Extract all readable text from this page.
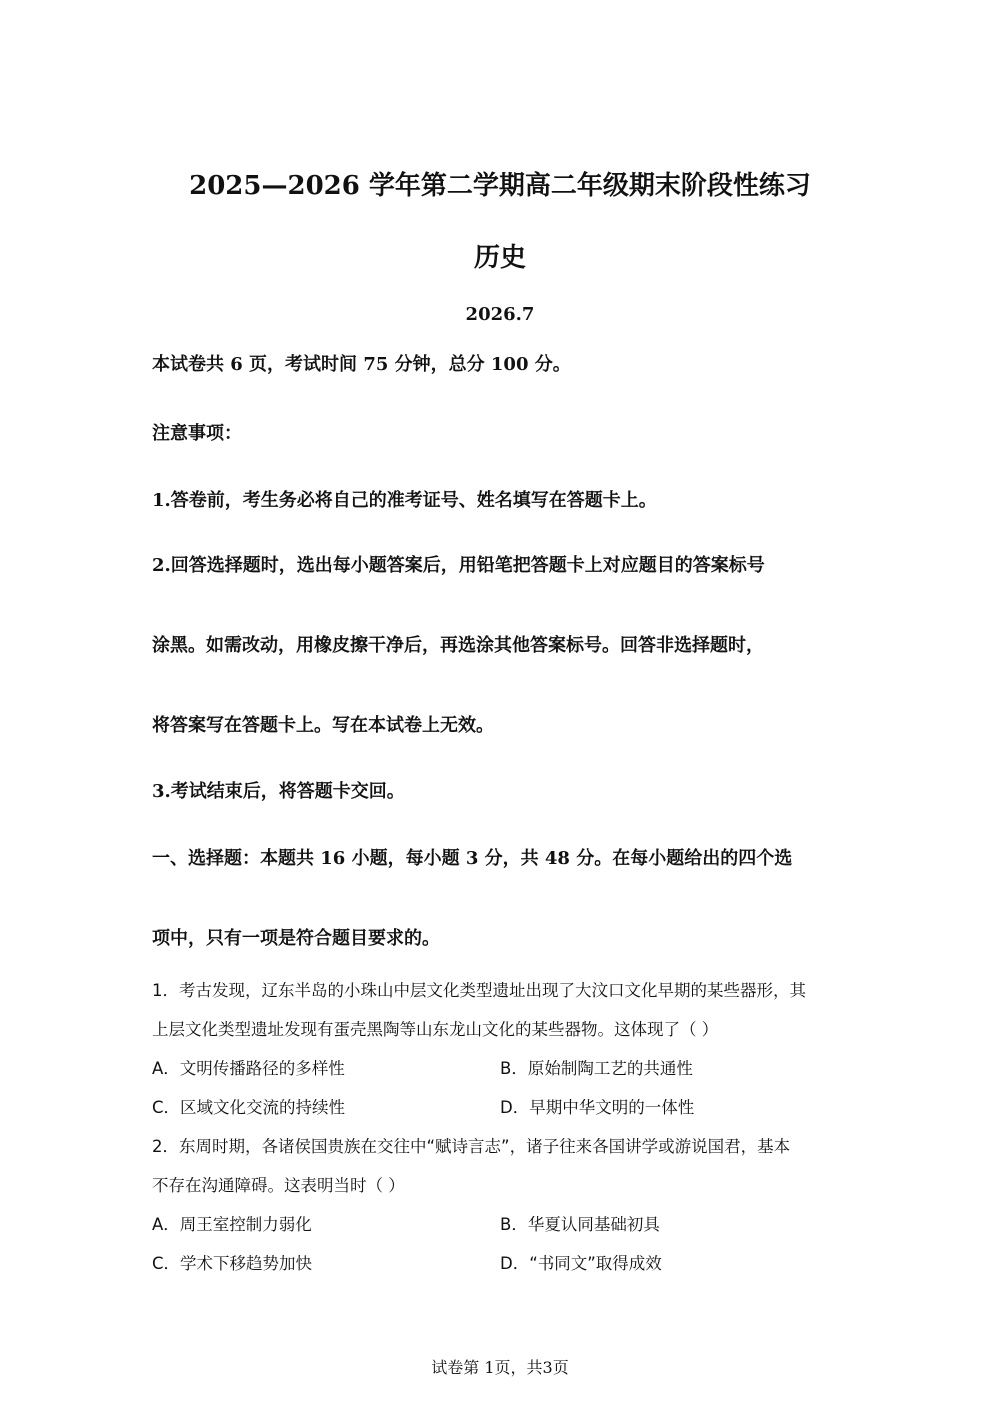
2025—2026 学年第二学期高二年级期末阶段性练习
历史
2026.7
本试卷共 6 页，考试时间 75 分钟，总分 100 分。
注意事项：
1.答卷前，考生务必将自己的准考证号、姓名填写在答题卡上。
2.回答选择题时，选出每小题答案后，用铅笔把答题卡上对应题目的答案标号
涂黑。如需改动，用橡皮擦干净后，再选涂其他答案标号。回答非选择题时，
将答案写在答题卡上。写在本试卷上无效。
3.考试结束后，将答题卡交回。
一、选择题：本题共 16 小题，每小题 3 分，共 48 分。在每小题给出的四个选
项中，只有一项是符合题目要求的。
1．考古发现，辽东半岛的小珠山中层文化类型遗址出现了大汶口文化早期的某些器形，其
上层文化类型遗址发现有蛋壳黑陶等山东龙山文化的某些器物。这体现了（ ）
A．文明传播路径的多样性	B．原始制陶工艺的共通性
C．区域文化交流的持续性	D．早期中华文明的一体性
2．东周时期，各诸侯国贵族在交往中“赋诗言志”，诸子往来各国讲学或游说国君，基本
不存在沟通障碍。这表明当时（ ）
A．周王室控制力弱化	B．华夏认同基础初具
C．学术下移趋势加快	D．“书同文”取得成效
试卷第 1页，共3页
